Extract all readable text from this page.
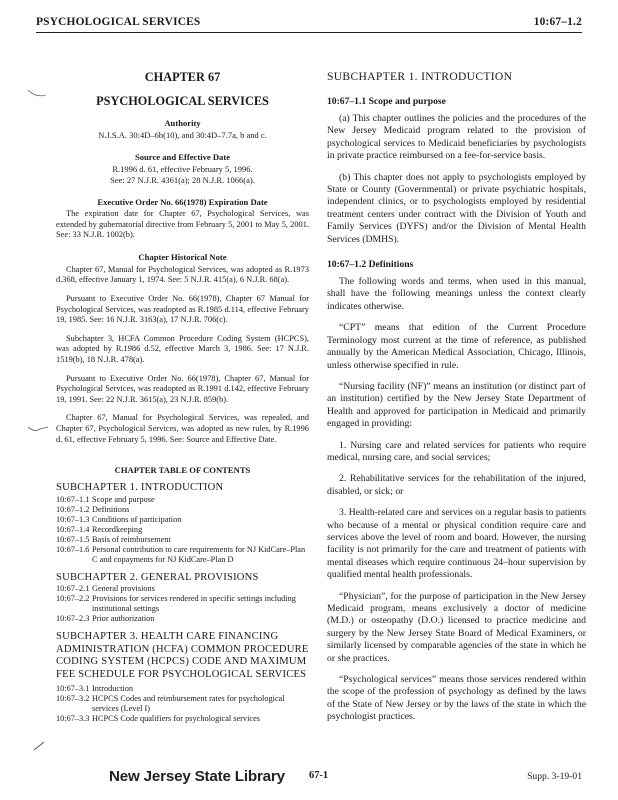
PSYCHOLOGICAL SERVICES	10:67–1.2

CHAPTER 67

PSYCHOLOGICAL SERVICES

Authority

N.J.S.A. 30:4D–6b(10), and 30:4D–7.7a, b and c.

Source and Effective Date

R.1996 d. 61, effective February 5, 1996.

See: 27 N.J.R. 4361(a); 28 N.J.R. 1066(a).

Executive Order No. 66(1978) Expiration Date

The expiration date for Chapter 67, Psychological Services, was extended by gubernatorial directive from February 5, 2001 to May 5, 2001. See: 33 N.J.R. 1002(b).

Chapter Historical Note

Chapter 67, Manual for Psychological Services, was adopted as R.1973 d.368, effective January 1, 1974. See: 5 N.J.R. 415(a), 6 N.J.R. 68(a).

Pursuant to Executive Order No. 66(1978), Chapter 67 Manual for Psychological Services, was readopted as R.1985 d.114, effective February 19, 1985. See: 16 N.J.R. 3163(a), 17 N.J.R. 706(c).

Subchapter 3, HCFA Common Procedure Coding System (HCPCS), was adopted by R.1986 d.52, effective March 3, 1986. See: 17 N.J.R. 1519(b), 18 N.J.R. 478(a).

Pursuant to Executive Order No. 66(1978), Chapter 67, Manual for Psychological Services, was readopted as R.1991 d.142, effective February 19, 1991. See: 22 N.J.R. 3615(a), 23 N.J.R. 859(b).

Chapter 67, Manual for Psychological Services, was repealed, and Chapter 67, Psychological Services, was adopted as new rules, by R.1996 d. 61, effective February 5, 1996. See: Source and Effective Date.

CHAPTER TABLE OF CONTENTS

SUBCHAPTER 1. INTRODUCTION

10:67–1.1 Scope and purpose
10:67–1.2 Definitions
10:67–1.3 Conditions of participation
10:67–1.4 Recordkeeping
10:67–1.5 Basis of reimbursement
10:67–1.6 Personal contribution to care requirements for NJ KidCare–Plan C and copayments for NJ KidCare–Plan D

SUBCHAPTER 2. GENERAL PROVISIONS

10:67–2.1 General provisions
10:67–2.2 Provisions for services rendered in specific settings including institutional settings
10:67–2.3 Prior authorization

SUBCHAPTER 3. HEALTH CARE FINANCING ADMINISTRATION (HCFA) COMMON PROCEDURE CODING SYSTEM (HCPCS) CODE AND MAXIMUM FEE SCHEDULE FOR PSYCHOLOGICAL SERVICES

10:67–3.1 Introduction
10:67–3.2 HCPCS Codes and reimbursement rates for psychological services (Level I)
10:67–3.3 HCPCS Code qualifiers for psychological services

SUBCHAPTER 1. INTRODUCTION

10:67–1.1 Scope and purpose

(a) This chapter outlines the policies and the procedures of the New Jersey Medicaid program related to the provision of psychological services to Medicaid beneficiaries by psychologists in private practice reimbursed on a fee-for-service basis.

(b) This chapter does not apply to psychologists employed by State or County (Governmental) or private psychiatric hospitals, independent clinics, or to psychologists employed by residential treatment centers under contract with the Division of Youth and Family Services (DYFS) and/or the Division of Mental Health Services (DMHS).

10:67–1.2 Definitions

The following words and terms, when used in this manual, shall have the following meanings unless the context clearly indicates otherwise.

“CPT” means that edition of the Current Procedure Terminology most current at the time of reference, as published annually by the American Medical Association, Chicago, Illinois, unless otherwise specified in rule.

“Nursing facility (NF)” means an institution (or distinct part of an institution) certified by the New Jersey State Department of Health and approved for participation in Medicaid and primarily engaged in providing:

1. Nursing care and related services for patients who require medical, nursing care, and social services;

2. Rehabilitative services for the rehabilitation of the injured, disabled, or sick; or

3. Health-related care and services on a regular basis to patients who because of a mental or physical condition require care and services above the level of room and board. However, the nursing facility is not primarily for the care and treatment of patients with mental diseases which require continuous 24–hour supervision by qualified mental health professionals.

“Physician”, for the purpose of participation in the New Jersey Medicaid program, means exclusively a doctor of medicine (M.D.) or osteopathy (D.O.) licensed to practice medicine and surgery by the New Jersey State Board of Medical Examiners, or similarly licensed by comparable agencies of the state in which he or she practices.

“Psychological services” means those services rendered within the scope of the profession of psychology as defined by the laws of the State of New Jersey or by the laws of the state in which the psychologist practices.

New Jersey State Library 67-1	Supp. 3-19-01
